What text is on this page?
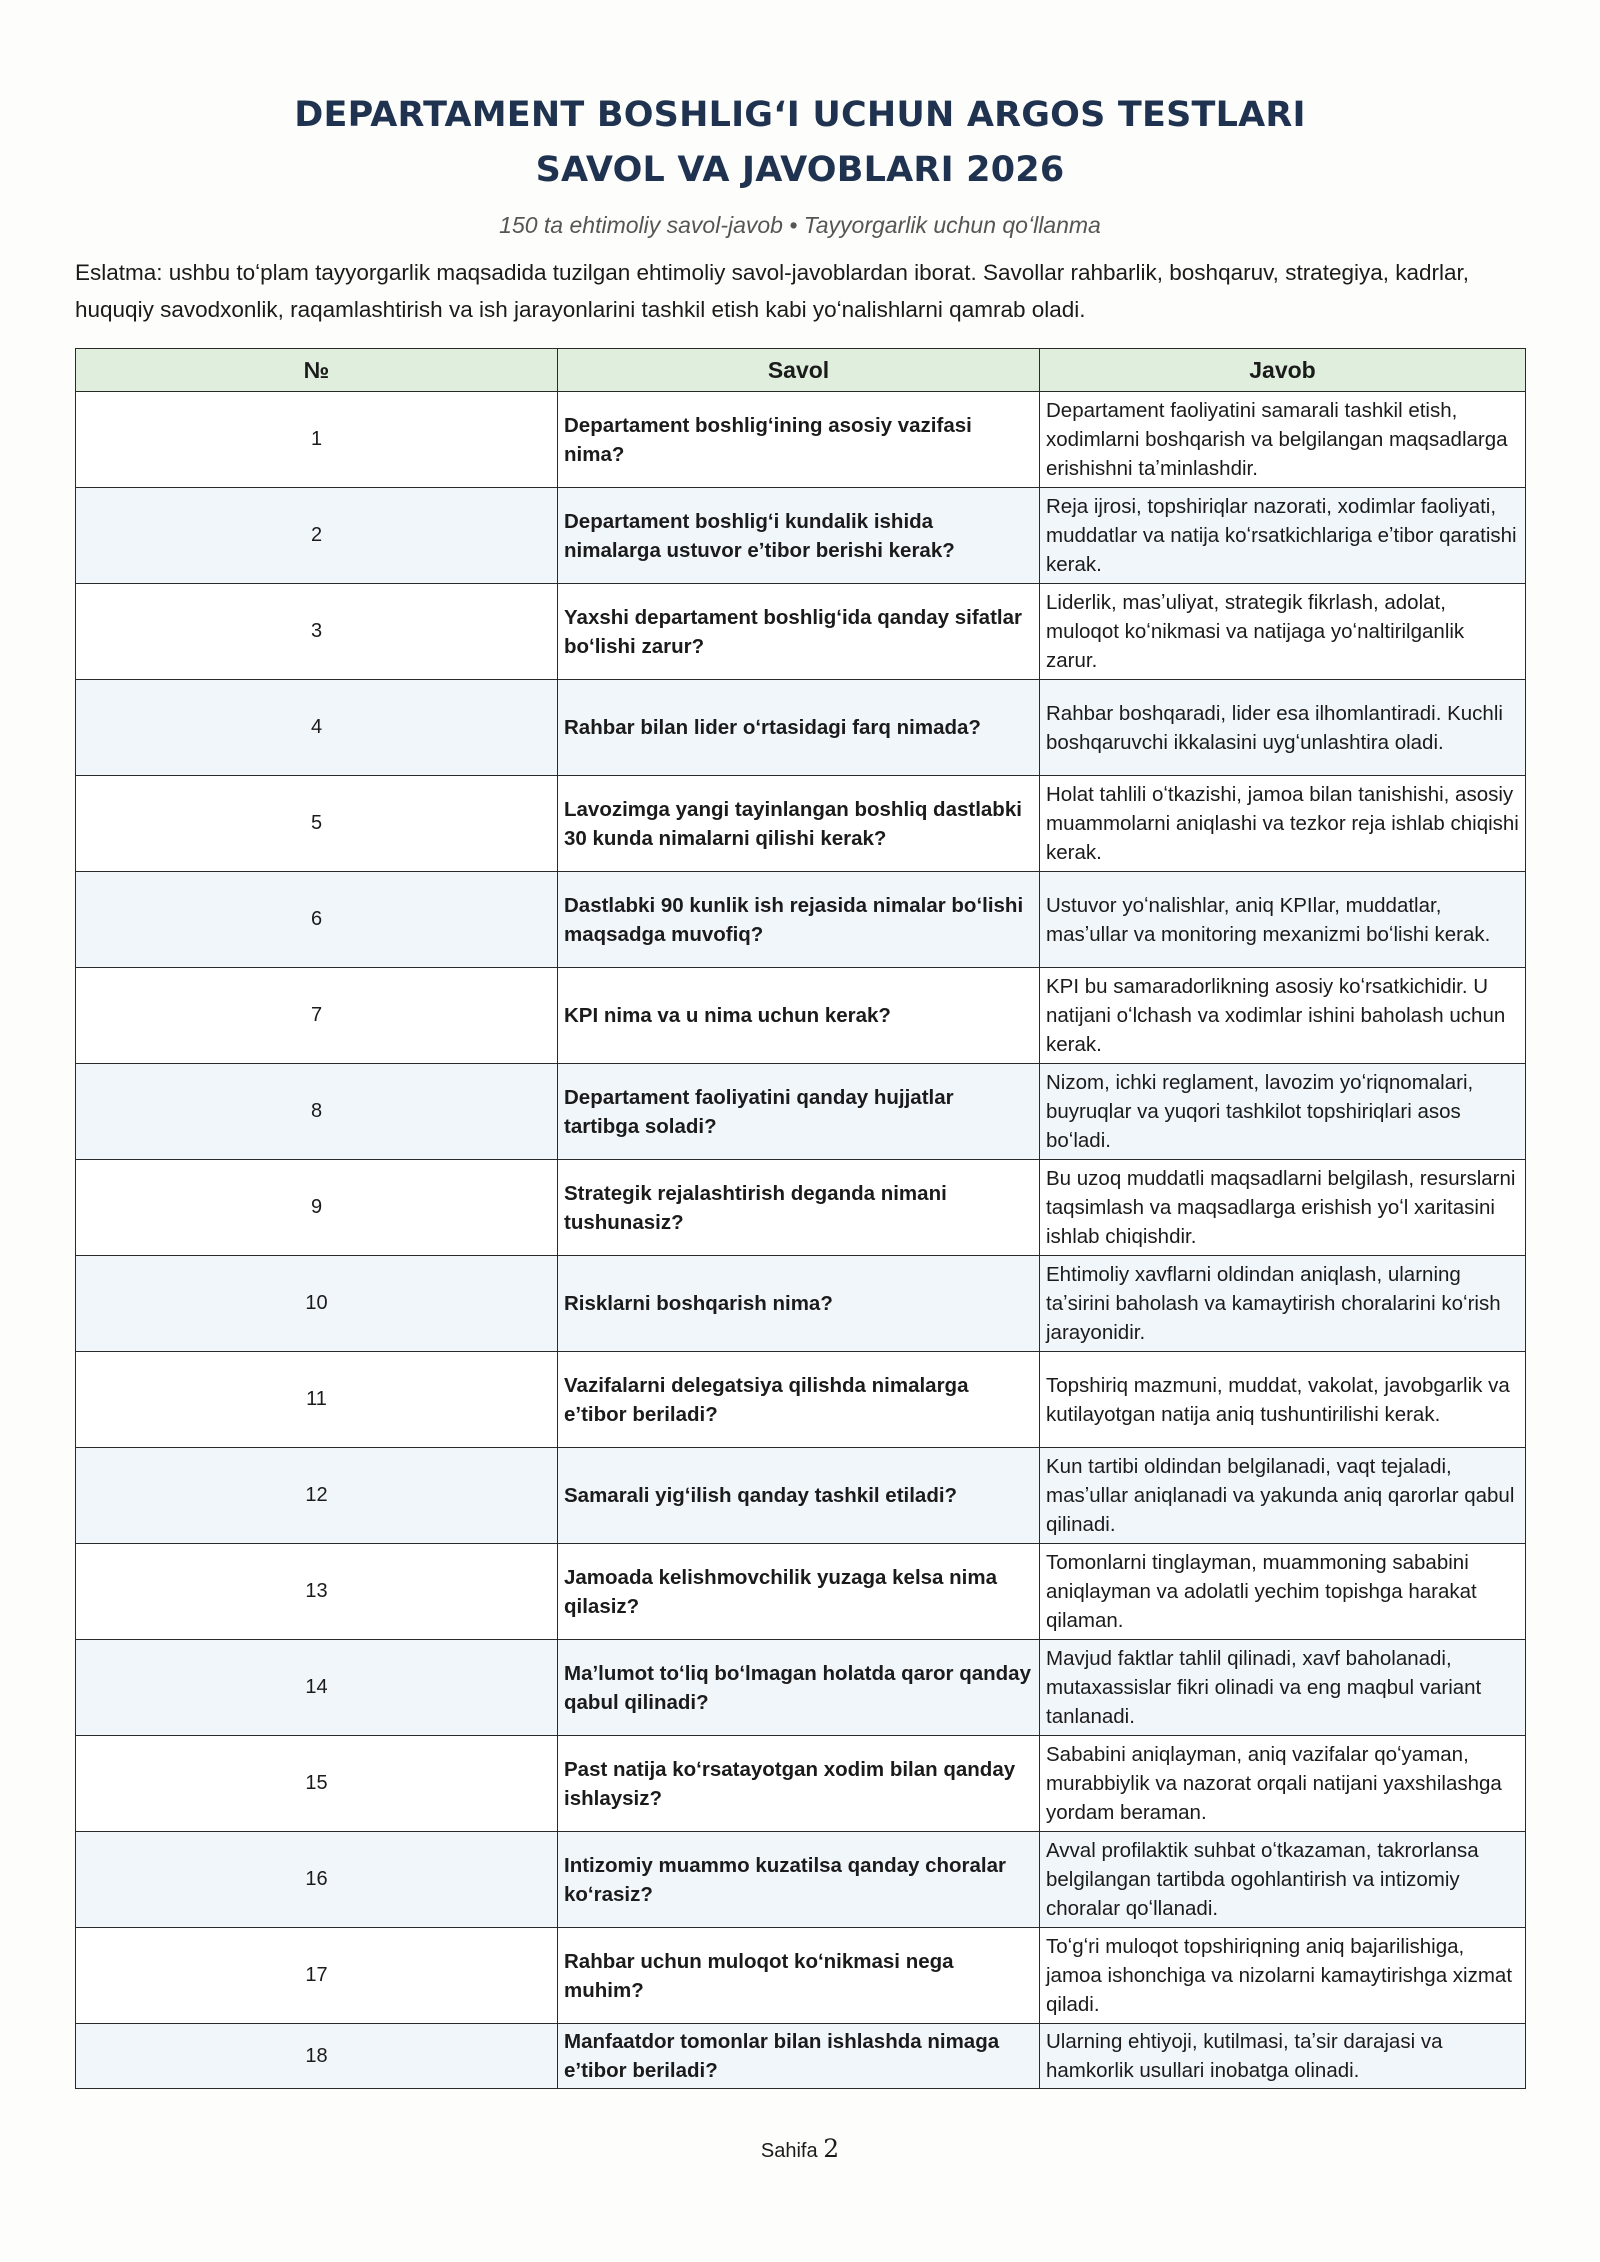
DEPARTAMENT BOSHLIGʻI UCHUN ARGOS TESTLARI
SAVOL VA JAVOBLARI 2026
150 ta ehtimoliy savol-javob • Tayyorgarlik uchun qoʻllanma
Eslatma: ushbu toʻplam tayyorgarlik maqsadida tuzilgan ehtimoliy savol-javoblardan iborat. Savollar rahbarlik, boshqaruv, strategiya, kadrlar, huquqiy savodxonlik, raqamlashtirish va ish jarayonlarini tashkil etish kabi yoʻnalishlarni qamrab oladi.
№	Savol	Javob
1	Departament boshligʻining asosiy vazifasi nima?	Departament faoliyatini samarali tashkil etish, xodimlarni boshqarish va belgilangan maqsadlarga erishishni taʼminlashdir.
2	Departament boshligʻi kundalik ishida nimalarga ustuvor eʼtibor berishi kerak?	Reja ijrosi, topshiriqlar nazorati, xodimlar faoliyati, muddatlar va natija koʻrsatkichlariga eʼtibor qaratishi kerak.
3	Yaxshi departament boshligʻida qanday sifatlar boʻlishi zarur?	Liderlik, masʼuliyat, strategik fikrlash, adolat, muloqot koʻnikmasi va natijaga yoʻnaltirilganlik zarur.
4	Rahbar bilan lider oʻrtasidagi farq nimada?	Rahbar boshqaradi, lider esa ilhomlantiradi. Kuchli boshqaruvchi ikkalasini uygʻunlashtira oladi.
5	Lavozimga yangi tayinlangan boshliq dastlabki 30 kunda nimalarni qilishi kerak?	Holat tahlili oʻtkazishi, jamoa bilan tanishishi, asosiy muammolarni aniqlashi va tezkor reja ishlab chiqishi kerak.
6	Dastlabki 90 kunlik ish rejasida nimalar boʻlishi maqsadga muvofiq?	Ustuvor yoʻnalishlar, aniq KPIlar, muddatlar, masʼullar va monitoring mexanizmi boʻlishi kerak.
7	KPI nima va u nima uchun kerak?	KPI bu samaradorlikning asosiy koʻrsatkichidir. U natijani oʻlchash va xodimlar ishini baholash uchun kerak.
8	Departament faoliyatini qanday hujjatlar tartibga soladi?	Nizom, ichki reglament, lavozim yoʻriqnomalari, buyruqlar va yuqori tashkilot topshiriqlari asos boʻladi.
9	Strategik rejalashtirish deganda nimani tushunasiz?	Bu uzoq muddatli maqsadlarni belgilash, resurslarni taqsimlash va maqsadlarga erishish yoʻl xaritasini ishlab chiqishdir.
10	Risklarni boshqarish nima?	Ehtimoliy xavflarni oldindan aniqlash, ularning taʼsirini baholash va kamaytirish choralarini koʻrish jarayonidir.
11	Vazifalarni delegatsiya qilishda nimalarga eʼtibor beriladi?	Topshiriq mazmuni, muddat, vakolat, javobgarlik va kutilayotgan natija aniq tushuntirilishi kerak.
12	Samarali yigʻilish qanday tashkil etiladi?	Kun tartibi oldindan belgilanadi, vaqt tejaladi, masʼullar aniqlanadi va yakunda aniq qarorlar qabul qilinadi.
13	Jamoada kelishmovchilik yuzaga kelsa nima qilasiz?	Tomonlarni tinglayman, muammoning sababini aniqlayman va adolatli yechim topishga harakat qilaman.
14	Maʼlumot toʻliq boʻlmagan holatda qaror qanday qabul qilinadi?	Mavjud faktlar tahlil qilinadi, xavf baholanadi, mutaxassislar fikri olinadi va eng maqbul variant tanlanadi.
15	Past natija koʻrsatayotgan xodim bilan qanday ishlaysiz?	Sababini aniqlayman, aniq vazifalar qoʻyaman, murabbiylik va nazorat orqali natijani yaxshilashga yordam beraman.
16	Intizomiy muammo kuzatilsa qanday choralar koʻrasiz?	Avval profilaktik suhbat oʻtkazaman, takrorlansa belgilangan tartibda ogohlantirish va intizomiy choralar qoʻllanadi.
17	Rahbar uchun muloqot koʻnikmasi nega muhim?	Toʻgʻri muloqot topshiriqning aniq bajarilishiga, jamoa ishonchiga va nizolarni kamaytirishga xizmat qiladi.
18	Manfaatdor tomonlar bilan ishlashda nimaga eʼtibor beriladi?	Ularning ehtiyoji, kutilmasi, taʼsir darajasi va hamkorlik usullari inobatga olinadi.
Sahifa 2
